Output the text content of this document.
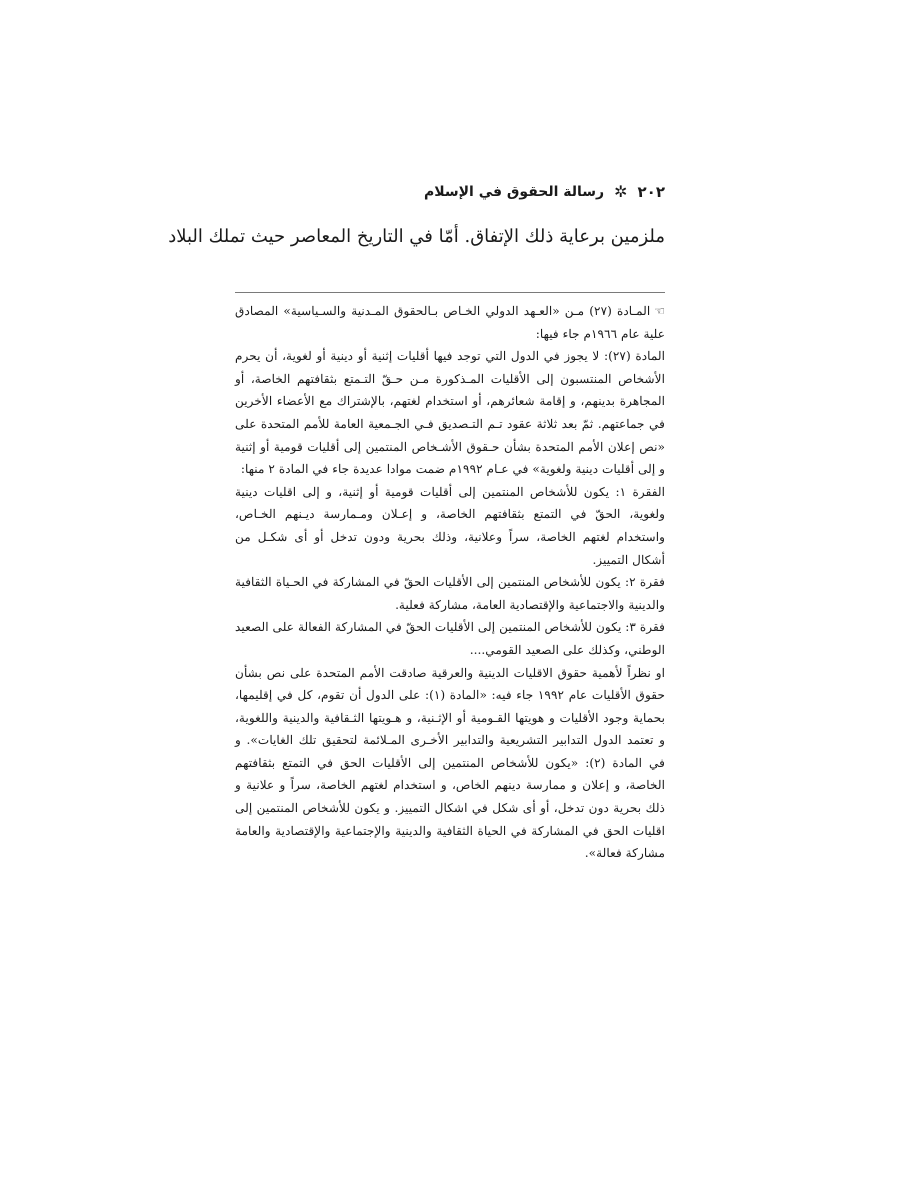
٢٠٢
✲
رسالة الحقوق في الإسلام
ملزمين برعاية ذلك الإتفاق. أمّا في التاريخ المعاصر حيث تملك البلاد

☜المـادة (٢٧) مـن «العـهد الدولي الخـاص بـالحقوق المـدنية والسـياسية» المصادق علية عام ١٩٦٦م جاء فيها:

المادة (٢٧): لا يجوز في الدول التي توجد فيها أقليات إثنية أو دينية أو لغوية، أن يحرم الأشخاص المنتسبون إلى الأقليات المـذكورة مـن حـقّ التـمتع بثقافتهم الخاصة، أو المجاهرة بدينهم، و إقامة شعائرهم، أو استخدام لغتهم، بالإشتراك مع الأعضاء الأخرين في جماعتهم. ثمّ بعد ثلاثة عقود تـم التـصديق فـي الجـمعية العامة للأمم المتحدة على «نص إعلان الأمم المتحدة بشأن حـقوق الأشـخاص المنتمين إلى أقليات قومية أو إثنية و إلى أقليات دينية ولغوية» في عـام ١٩٩٢م ضمت موادا عديدة جاء في المادة ٢ منها:

الفقرة ١: يكون للأشخاص المنتمين إلى أقليات قومية أو إثنية، و إلى اقليات دينية ولغوية، الحقّ في التمتع بثقافتهم الخاصة، و إعـلان ومـمارسة ديـنهم الخـاص، واستخدام لغتهم الخاصة، سراً وعلانية، وذلك بحرية ودون تدخل أو أى شكـل من أشكال التمييز.

فقرة ٢: يكون للأشخاص المنتمين إلى الأقليات الحقّ في المشاركة في الحـياة الثقافية والدينية والاجتماعية والإقتصادية العامة، مشاركة فعلية.

فقرة ٣: يكون للأشخاص المنتمين إلى الأقليات الحقّ في المشاركة الفعالة على الصعيد الوطني، وكذلك على الصعيد القومي....

او نظراً لأهمية حقوق الاقليات الدينية والعرقية صادقت الأمم المتحدة على نص بشأن حقوق الأقليات عام ١٩٩٢ جاء فيه: «المادة (١): على الدول أن تقوم، كل في إقليمها، بحماية وجود الأقليات و هويتها القـومية أو الإثـنية، و هـويتها الثـقافية والدينية واللغوية، و تعتمد الدول التدابير التشريعية والتدابير الأخـرى المـلائمة لتحقيق تلك الغايات». و في المادة (٢): «يكون للأشخاص المنتمين إلى الأقليات الحق في التمتع بثقافتهم الخاصة، و إعلان و ممارسة دينهم الخاص، و استخدام لغتهم الخاصة، سراً و علانية و ذلك بحرية دون تدخل، أو أى شكل في اشكال التمييز. و يكون للأشخاص المنتمين إلى اقليات الحق في المشاركة في الحياة الثقافية والدينية والإجتماعية والإقتصادية والعامة مشاركة فعالة».
